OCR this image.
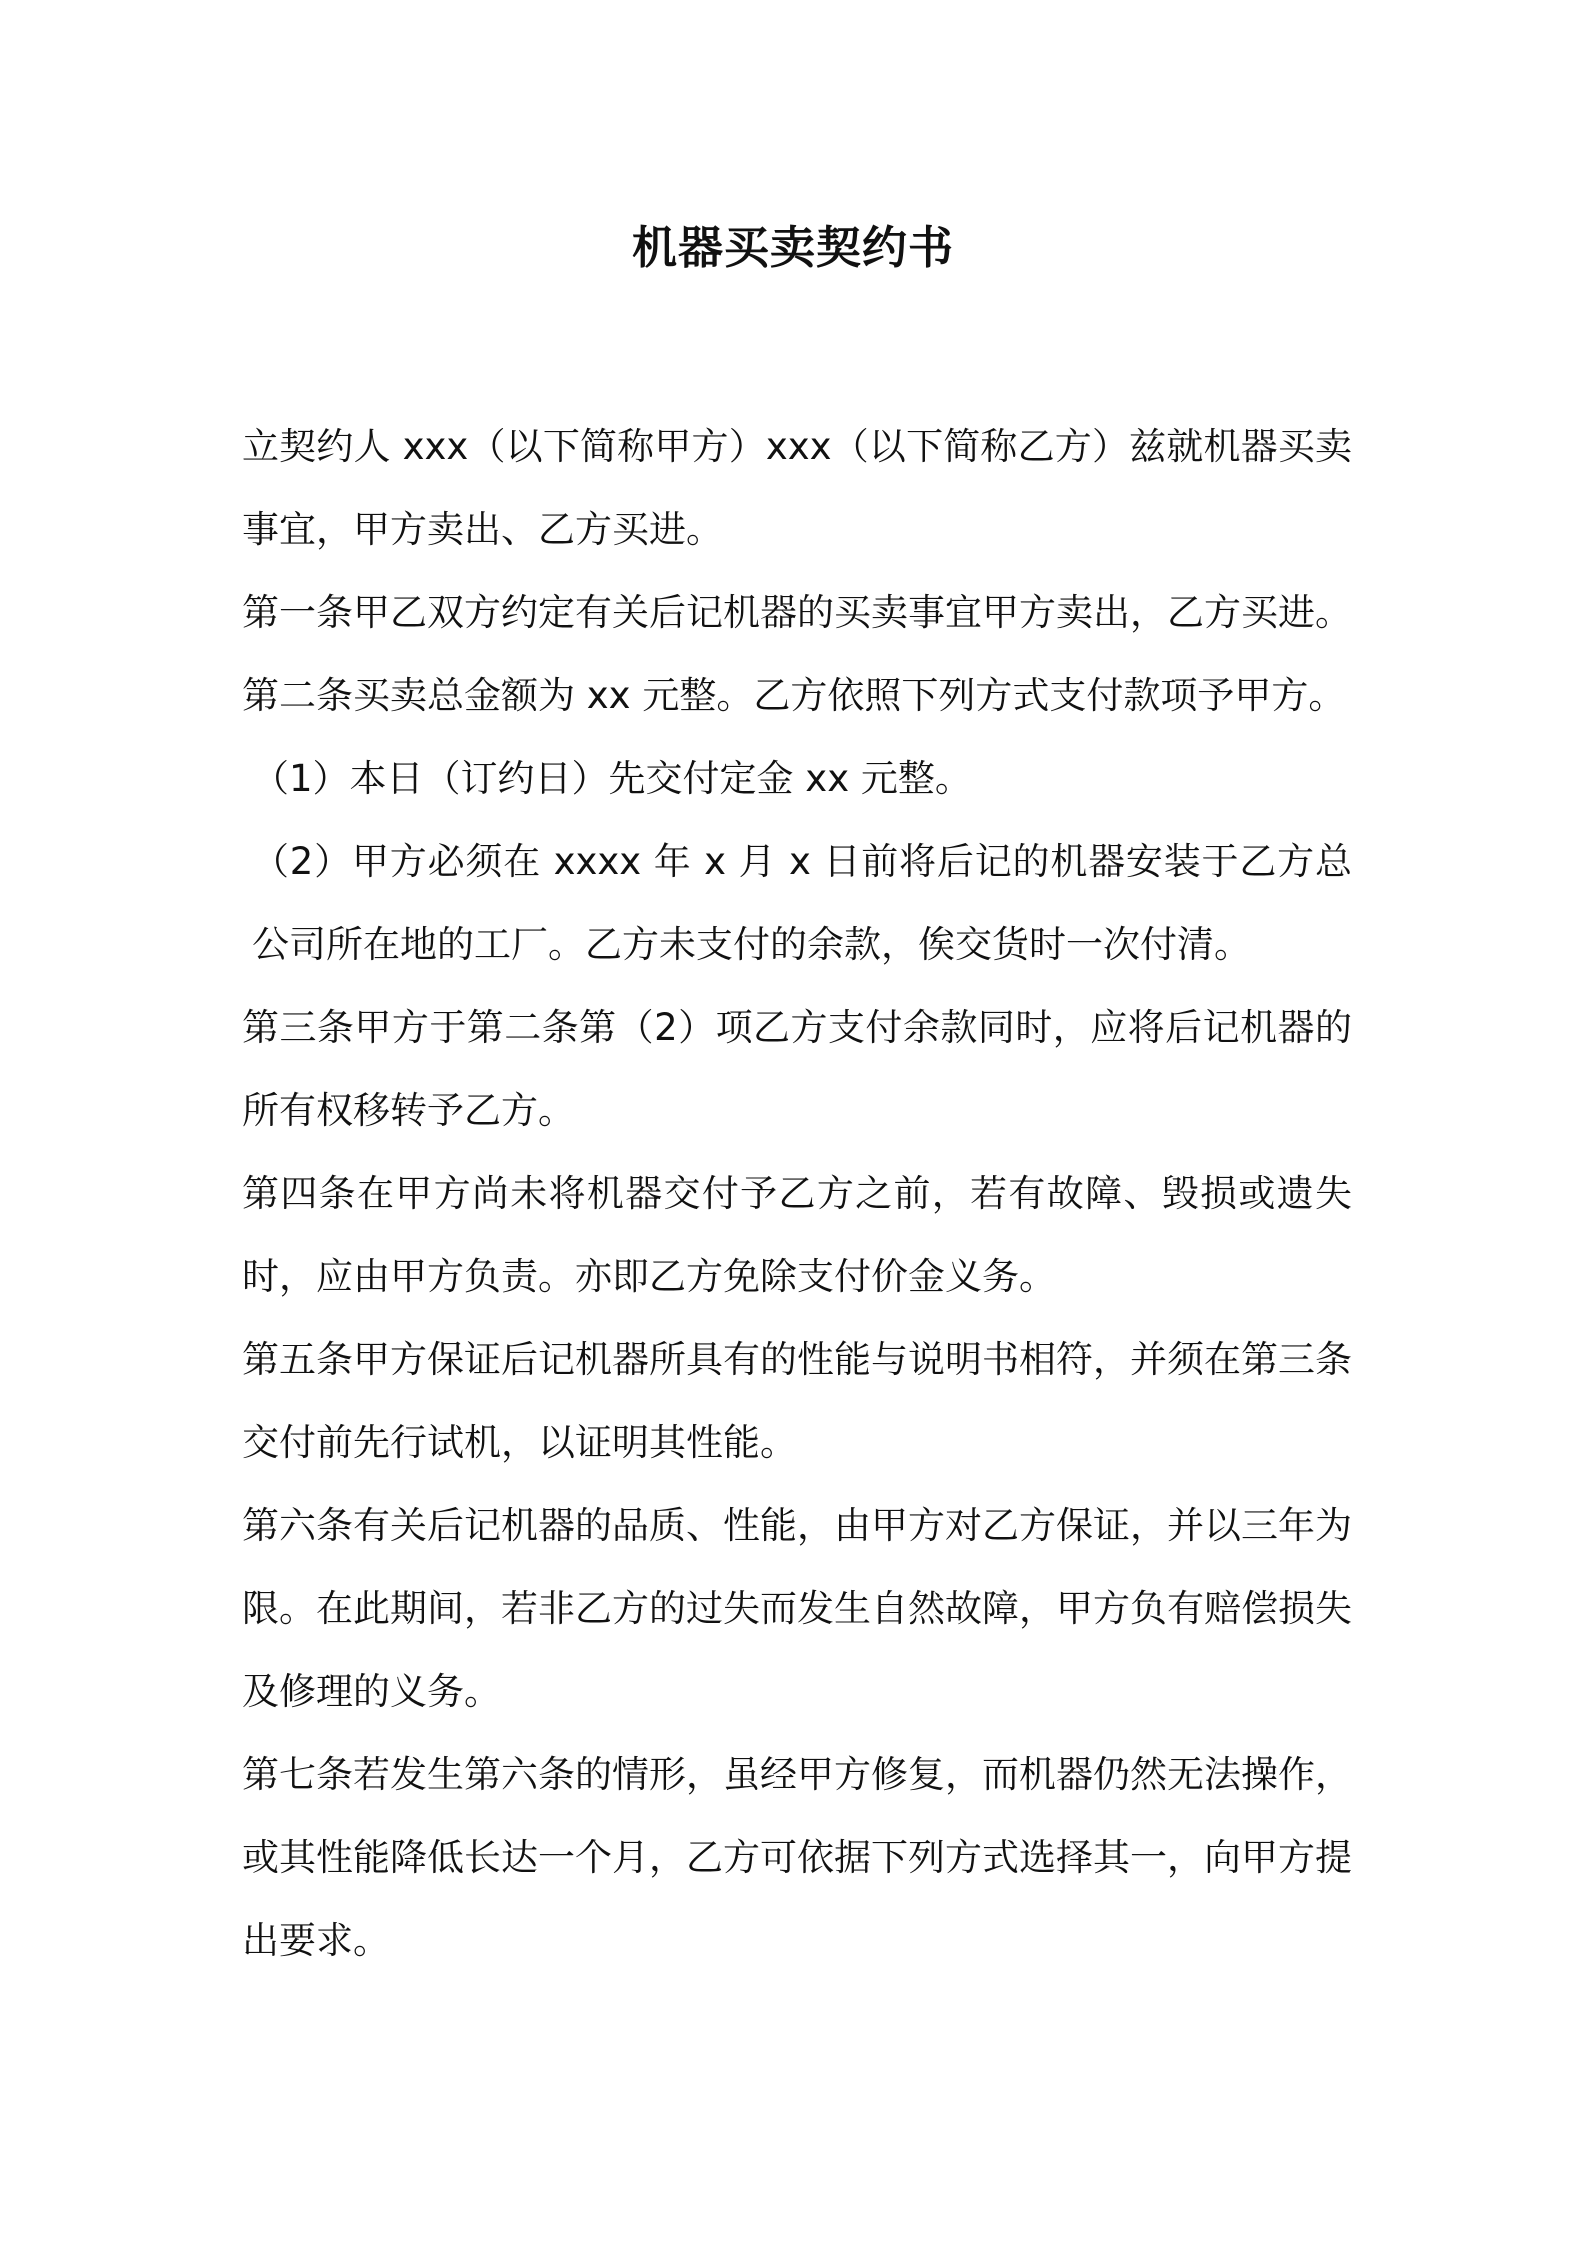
机器买卖契约书

立契约人 xxx（以下简称甲方）xxx（以下简称乙方）兹就机器买卖事宜，甲方卖出、乙方买进。

第一条甲乙双方约定有关后记机器的买卖事宜甲方卖出，乙方买进。

第二条买卖总金额为 xx 元整。乙方依照下列方式支付款项予甲方。

（1）本日（订约日）先交付定金 xx 元整。

（2）甲方必须在 xxxx 年 x 月 x 日前将后记的机器安装于乙方总公司所在地的工厂。乙方未支付的余款，俟交货时一次付清。

第三条甲方于第二条第（2）项乙方支付余款同时，应将后记机器的所有权移转予乙方。

第四条在甲方尚未将机器交付予乙方之前，若有故障、毁损或遗失时，应由甲方负责。亦即乙方免除支付价金义务。

第五条甲方保证后记机器所具有的性能与说明书相符，并须在第三条交付前先行试机，以证明其性能。

第六条有关后记机器的品质、性能，由甲方对乙方保证，并以三年为限。在此期间，若非乙方的过失而发生自然故障，甲方负有赔偿损失及修理的义务。

第七条若发生第六条的情形，虽经甲方修复，而机器仍然无法操作，或其性能降低长达一个月，乙方可依据下列方式选择其一，向甲方提出要求。
